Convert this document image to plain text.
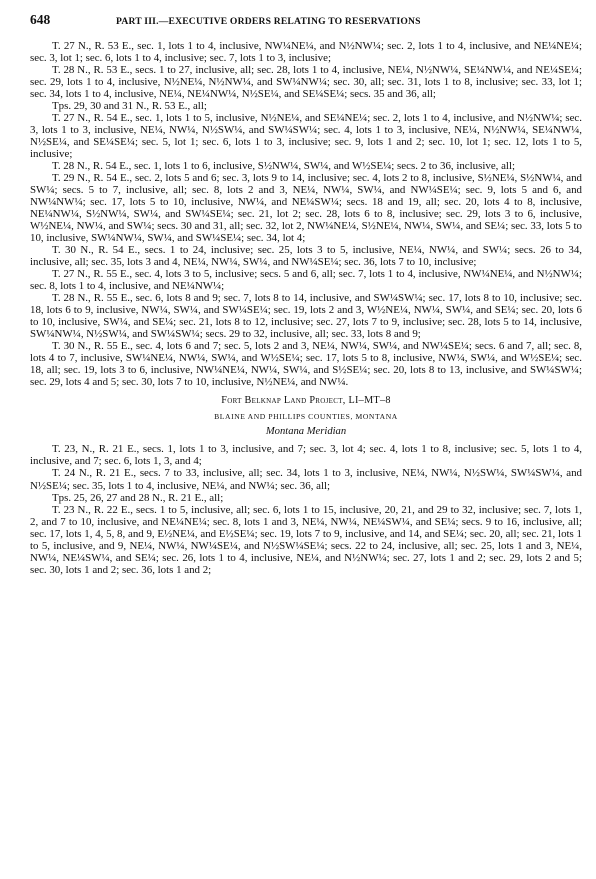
648	PART III.—EXECUTIVE ORDERS RELATING TO RESERVATIONS

T. 27 N., R. 53 E., sec. 1, lots 1 to 4, inclusive, NW¼NE¼, and N½NW¼; sec. 2, lots 1 to 4, inclusive, and NE¼NE¼; sec. 3, lot 1; sec. 6, lots 1 to 4, inclusive; sec. 7, lots 1 to 3, inclusive;

T. 28 N., R. 53 E., secs. 1 to 27, inclusive, all; sec. 28, lots 1 to 4, inclusive, NE¼, N½NW¼, SE¼NW¼, and NE¼SE¼; sec. 29, lots 1 to 4, inclusive, N½NE¼, N½NW¼, and SW¼NW¼; sec. 30, all; sec. 31, lots 1 to 8, inclusive; sec. 33, lot 1; sec. 34, lots 1 to 4, inclusive, NE¼, NE¼NW¼, N½SE¼, and SE¼SE¼; secs. 35 and 36, all;

Tps. 29, 30 and 31 N., R. 53 E., all;

T. 27 N., R. 54 E., sec. 1, lots 1 to 5, inclusive, N½NE¼, and SE¼NE¼; sec. 2, lots 1 to 4, inclusive, and N½NW¼; sec. 3, lots 1 to 3, inclusive, NE¼, NW¼, N½SW¼, and SW¼SW¼; sec. 4, lots 1 to 3, inclusive, NE¼, N½NW¼, SE¼NW¼, N½SE¼, and SE¼SE¼; sec. 5, lot 1; sec. 6, lots 1 to 3, inclusive; sec. 9, lots 1 and 2; sec. 10, lot 1; sec. 12, lots 1 to 5, inclusive;

T. 28 N., R. 54 E., sec. 1, lots 1 to 6, inclusive, S½NW¼, SW¼, and W½SE¼; secs. 2 to 36, inclusive, all;

T. 29 N., R. 54 E., sec. 2, lots 5 and 6; sec. 3, lots 9 to 14, inclusive; sec. 4, lots 2 to 8, inclusive, S½NE¼, S½NW¼, and SW¼; secs. 5 to 7, inclusive, all; sec. 8, lots 2 and 3, NE¼, NW¼, SW¼, and NW¼SE¼; sec. 9, lots 5 and 6, and NW¼NW¼; sec. 17, lots 5 to 10, inclusive, NW¼, and NE¼SW¼; secs. 18 and 19, all; sec. 20, lots 4 to 8, inclusive, NE¼NW¼, S½NW¼, SW¼, and SW¼SE¼; sec. 21, lot 2; sec. 28, lots 6 to 8, inclusive; sec. 29, lots 3 to 6, inclusive, W½NE¼, NW¼, and SW¼; secs. 30 and 31, all; sec. 32, lot 2, NW¼NE¼, S½NE¼, NW¼, SW¼, and SE¼; sec. 33, lots 5 to 10, inclusive, SW¼NW¼, SW¼, and SW¼SE¼; sec. 34, lot 4;

T. 30 N., R. 54 E., secs. 1 to 24, inclusive; sec. 25, lots 3 to 5, inclusive, NE¼, NW¼, and SW¼; secs. 26 to 34, inclusive, all; sec. 35, lots 3 and 4, NE¼, NW¼, SW¼, and NW¼SE¼; sec. 36, lots 7 to 10, inclusive;

T. 27 N., R. 55 E., sec. 4, lots 3 to 5, inclusive; secs. 5 and 6, all; sec. 7, lots 1 to 4, inclusive, NW¼NE¼, and N½NW¼; sec. 8, lots 1 to 4, inclusive, and NE¼NW¼;

T. 28 N., R. 55 E., sec. 6, lots 8 and 9; sec. 7, lots 8 to 14, inclusive, and SW¼SW¼; sec. 17, lots 8 to 10, inclusive; sec. 18, lots 6 to 9, inclusive, NW¼, SW¼, and SW¼SE¼; sec. 19, lots 2 and 3, W½NE¼, NW¼, SW¼, and SE¼; sec. 20, lots 6 to 10, inclusive, SW¼, and SE¼; sec. 21, lots 8 to 12, inclusive; sec. 27, lots 7 to 9, inclusive; sec. 28, lots 5 to 14, inclusive, SW¼NW¼, N½SW¼, and SW¼SW¼; secs. 29 to 32, inclusive, all; sec. 33, lots 8 and 9;

T. 30 N., R. 55 E., sec. 4, lots 6 and 7; sec. 5, lots 2 and 3, NE¼, NW¼, SW¼, and NW¼SE¼; secs. 6 and 7, all; sec. 8, lots 4 to 7, inclusive, SW¼NE¼, NW¼, SW¼, and W½SE¼; sec. 17, lots 5 to 8, inclusive, NW¼, SW¼, and W½SE¼; sec. 18, all; sec. 19, lots 3 to 6, inclusive, NW¼NE¼, NW¼, SW¼, and S½SE¼; sec. 20, lots 8 to 13, inclusive, and SW¼SW¼; sec. 29, lots 4 and 5; sec. 30, lots 7 to 10, inclusive, N½NE¼, and NW¼.

Fort Belknap Land Project, LI–MT–8
BLAINE AND PHILLIPS COUNTIES, MONTANA
Montana Meridian

T. 23, N., R. 21 E., secs. 1, lots 1 to 3, inclusive, and 7; sec. 3, lot 4; sec. 4, lots 1 to 8, inclusive; sec. 5, lots 1 to 4, inclusive, and 7; sec. 6, lots 1, 3, and 4;

T. 24 N., R. 21 E., secs. 7 to 33, inclusive, all; sec. 34, lots 1 to 3, inclusive, NE¼, NW¼, N½SW¼, SW¼SW¼, and N½SE¼; sec. 35, lots 1 to 4, inclusive, NE¼, and NW¼; sec. 36, all;

Tps. 25, 26, 27 and 28 N., R. 21 E., all;

T. 23 N., R. 22 E., secs. 1 to 5, inclusive, all; sec. 6, lots 1 to 15, inclusive, 20, 21, and 29 to 32, inclusive; sec. 7, lots 1, 2, and 7 to 10, inclusive, and NE¼NE¼; sec. 8, lots 1 and 3, NE¼, NW¼, NE¼SW¼, and SE¼; secs. 9 to 16, inclusive, all; sec. 17, lots 1, 4, 5, 8, and 9, E½NE¼, and E½SE¼; sec. 19, lots 7 to 9, inclusive, and 14, and SE¼; sec. 20, all; sec. 21, lots 1 to 5, inclusive, and 9, NE¼, NW¼, NW¼SE¼, and N½SW¼SE¼; secs. 22 to 24, inclusive, all; sec. 25, lots 1 and 3, NE¼, NW¼, NE¼SW¼, and SE¼; sec. 26, lots 1 to 4, inclusive, NE¼, and N½NW¼; sec. 27, lots 1 and 2; sec. 29, lots 2 and 5; sec. 30, lots 1 and 2; sec. 36, lots 1 and 2;
